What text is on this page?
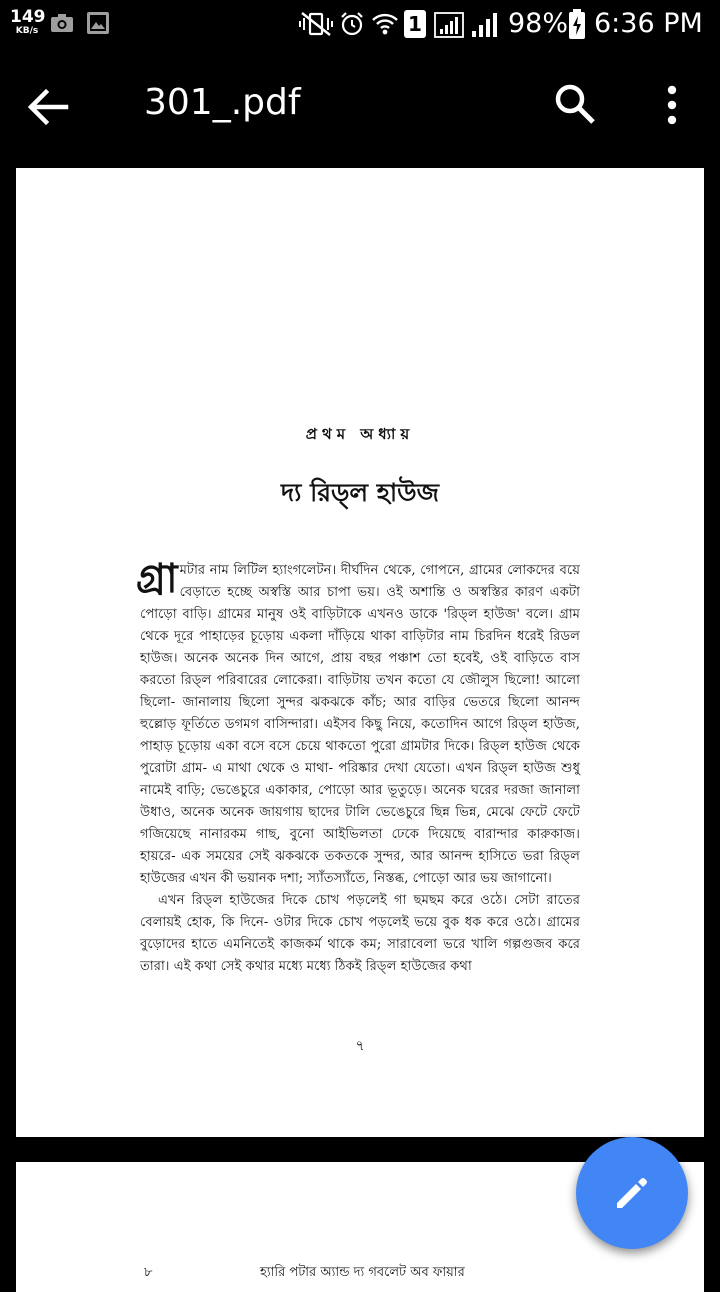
149
KB/s	1	98% 6:36 PM
301_.pdf
প্রথম অধ্যায়
দ্য রিড্‌ল হাউজ

গ্রা মটার নাম লিটিল হ্যাংগলেটন। দীর্ঘদিন থেকে, গোপনে, গ্রামের লোকদের বয়ে বেড়াতে হচ্ছে অস্বস্তি আর চাপা ভয়। ওই অশান্তি ও অস্বস্তির কারণ একটা পোড়ো বাড়ি। গ্রামের মানুষ ওই বাড়িটাকে এখনও ডাকে 'রিড্‌ল হাউজ' বলে। গ্রাম থেকে দূরে পাহাড়ের চূড়োয় একলা দাঁড়িয়ে থাকা বাড়িটার নাম চিরদিন ধরেই রিডল হাউজ। অনেক অনেক দিন আগে, প্রায় বছর পঞ্চাশ তো হবেই, ওই বাড়িতে বাস করতো রিড্‌ল পরিবারের লোকেরা। বাড়িটায় তখন কতো যে জৌলুস ছিলো! আলো ছিলো- জানালায় ছিলো সুন্দর ঝকঝকে কাঁচ; আর বাড়ির ভেতরে ছিলো আনন্দ হুল্লোড় ফূর্তিতে ডগমগ বাসিন্দারা। এইসব কিছু নিয়ে, কতোদিন আগে রিড্‌ল হাউজ, পাহাড় চূড়োয় একা বসে বসে চেয়ে থাকতো পুরো গ্রামটার দিকে। রিড্‌ল হাউজ থেকে পুরোটা গ্রাম- এ মাথা থেকে ও মাথা- পরিষ্কার দেখা যেতো। এখন রিড্‌ল হাউজ শুধু নামেই বাড়ি; ভেঙেচুরে একাকার, পোড়ো আর ভূতুড়ে। অনেক ঘরের দরজা জানালা উধাও, অনেক অনেক জায়গায় ছাদের টালি ভেঙেচুরে ছিন্ন ভিন্ন, মেঝে ফেটে ফেটে গজিয়েছে নানারকম গাছ, বুনো আইভিলতা ঢেকে দিয়েছে বারান্দার কারুকাজ। হায়রে- এক সময়ের সেই ঝকঝকে তকতকে সুন্দর, আর আনন্দ হাসিতে ভরা রিড্‌ল হাউজের এখন কী ভয়ানক দশা; স্যাঁতস্যাঁতে, নিস্তব্ধ, পোড়ো আর ভয় জাগানো।

এখন রিড্‌ল হাউজের দিকে চোখ পড়লেই গা ছমছম করে ওঠে। সেটা রাতের বেলায়ই হোক, কি দিনে- ওটার দিকে চোখ পড়লেই ভয়ে বুক ধক করে ওঠে। গ্রামের বুড়োদের হাতে এমনিতেই কাজকর্ম থাকে কম; সারাবেলা ভরে খালি গল্পগুজব করে তারা। এই কথা সেই কথার মধ্যে মধ্যে ঠিকই রিড্‌ল হাউজের কথা

৭
৮	হ্যারি পটার অ্যান্ড দ্য গবলেট অব ফায়ার
